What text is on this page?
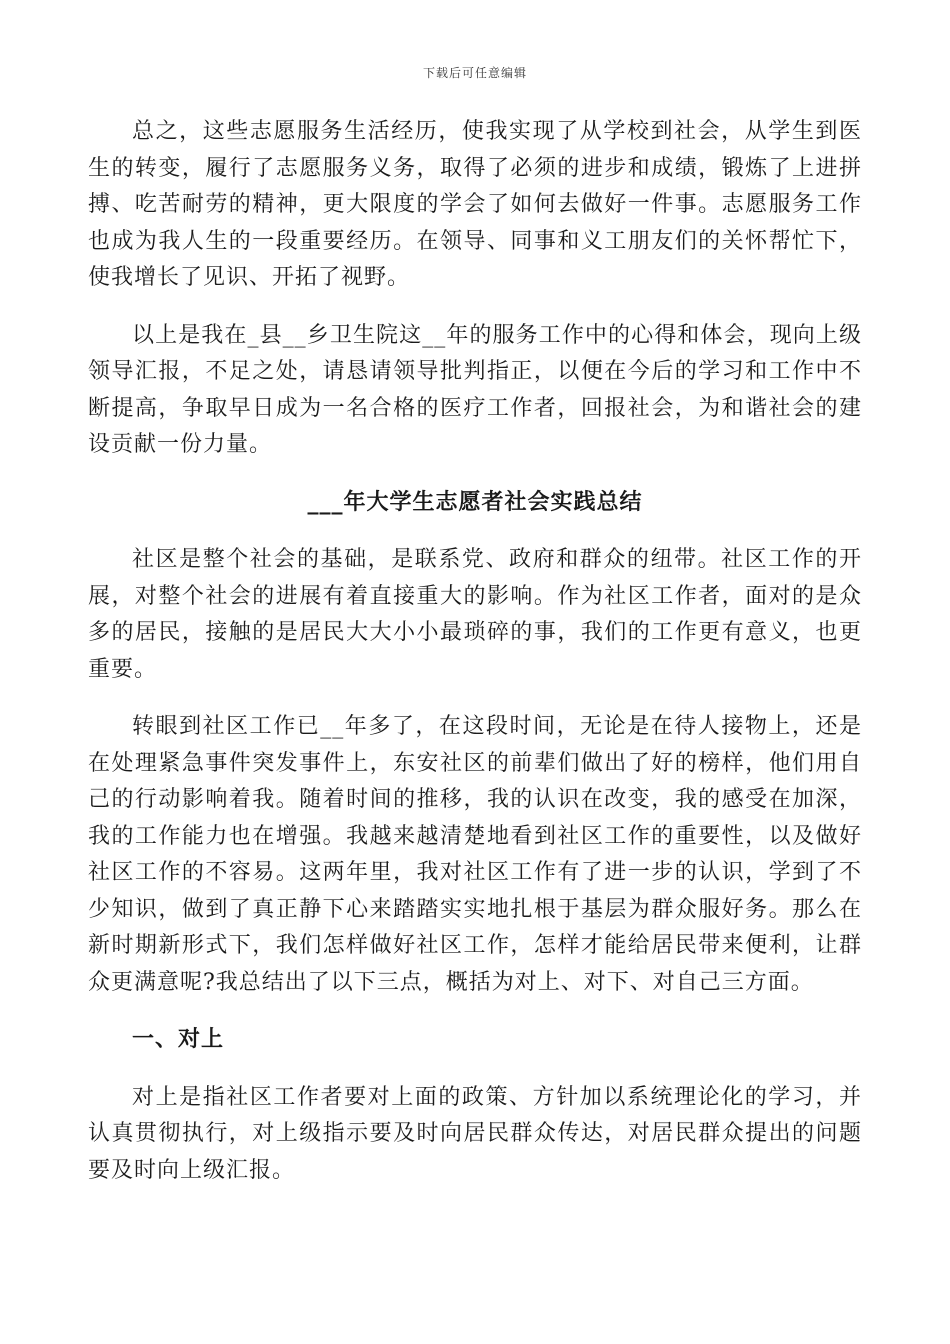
下载后可任意编辑

总之，这些志愿服务生活经历，使我实现了从学校到社会，从学生到医生的转变，履行了志愿服务义务，取得了必须的进步和成绩，锻炼了上进拼搏、吃苦耐劳的精神，更大限度的学会了如何去做好一件事。志愿服务工作也成为我人生的一段重要经历。在领导、同事和义工朋友们的关怀帮忙下，使我增长了见识、开拓了视野。

以上是我在_县__乡卫生院这__年的服务工作中的心得和体会，现向上级领导汇报，不足之处，请恳请领导批判指正，以便在今后的学习和工作中不断提高，争取早日成为一名合格的医疗工作者，回报社会，为和谐社会的建设贡献一份力量。

___年大学生志愿者社会实践总结

社区是整个社会的基础，是联系党、政府和群众的纽带。社区工作的开展，对整个社会的进展有着直接重大的影响。作为社区工作者，面对的是众多的居民，接触的是居民大大小小最琐碎的事，我们的工作更有意义，也更重要。

转眼到社区工作已__年多了，在这段时间，无论是在待人接物上，还是在处理紧急事件突发事件上，东安社区的前辈们做出了好的榜样，他们用自己的行动影响着我。随着时间的推移，我的认识在改变，我的感受在加深，我的工作能力也在增强。我越来越清楚地看到社区工作的重要性，以及做好社区工作的不容易。这两年里，我对社区工作有了进一步的认识，学到了不少知识，做到了真正静下心来踏踏实实地扎根于基层为群众服好务。那么在新时期新形式下，我们怎样做好社区工作，怎样才能给居民带来便利，让群众更满意呢?我总结出了以下三点，概括为对上、对下、对自己三方面。

一、对上

对上是指社区工作者要对上面的政策、方针加以系统理论化的学习，并认真贯彻执行，对上级指示要及时向居民群众传达，对居民群众提出的问题要及时向上级汇报。
